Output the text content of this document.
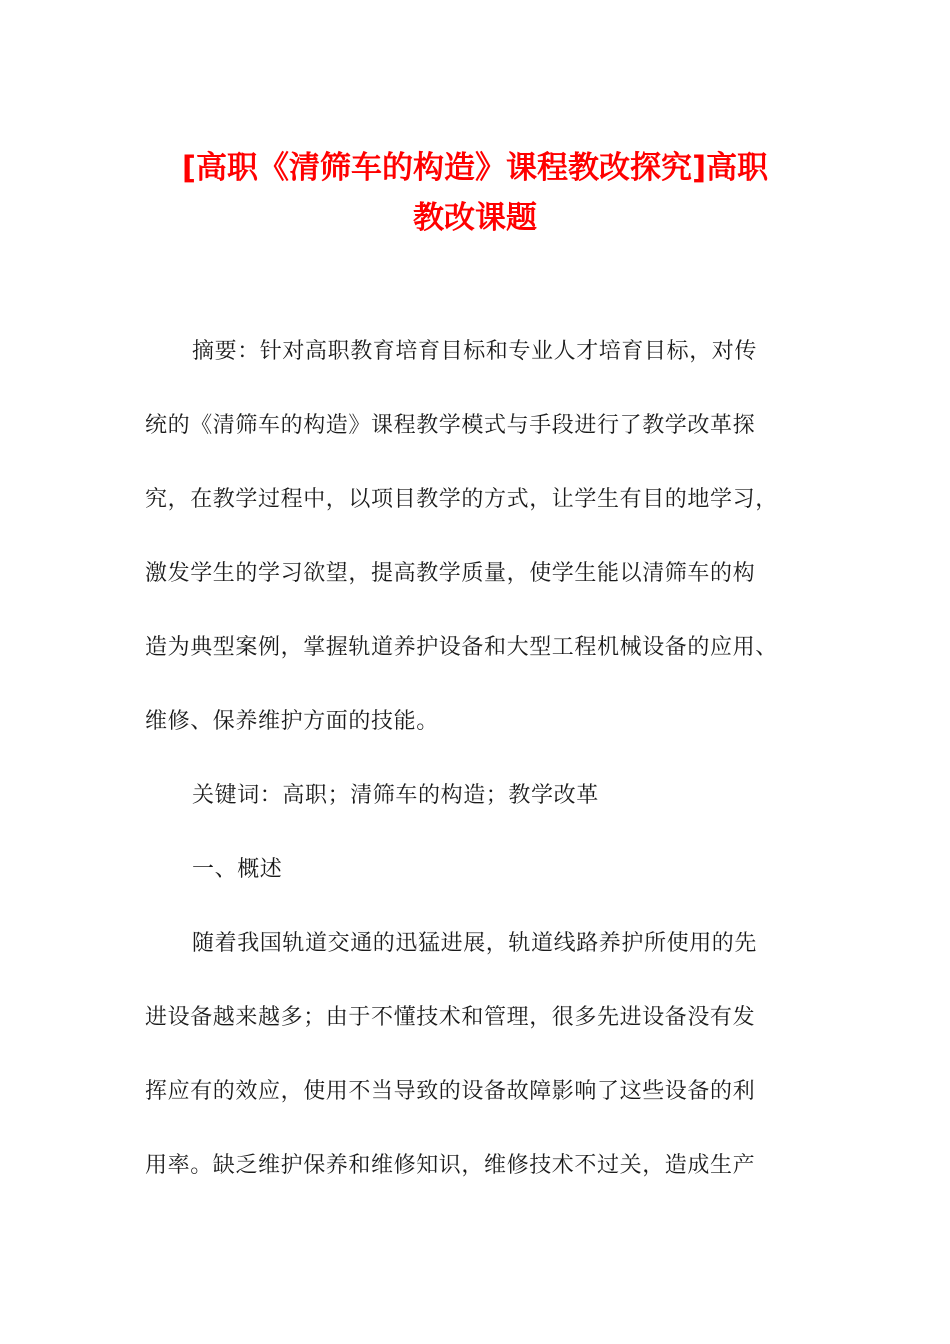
[高职《清筛车的构造》课程教改探究]高职
教改课题
摘要：针对高职教育培育目标和专业人才培育目标，对传
统的《清筛车的构造》课程教学模式与手段进行了教学改革探
究，在教学过程中，以项目教学的方式，让学生有目的地学习，
激发学生的学习欲望，提高教学质量，使学生能以清筛车的构
造为典型案例，掌握轨道养护设备和大型工程机械设备的应用、
维修、保养维护方面的技能。
关键词：高职；清筛车的构造；教学改革
一、概述
随着我国轨道交通的迅猛进展，轨道线路养护所使用的先
进设备越来越多；由于不懂技术和管理，很多先进设备没有发
挥应有的效应，使用不当导致的设备故障影响了这些设备的利
用率。缺乏维护保养和维修知识，维修技术不过关，造成生产
